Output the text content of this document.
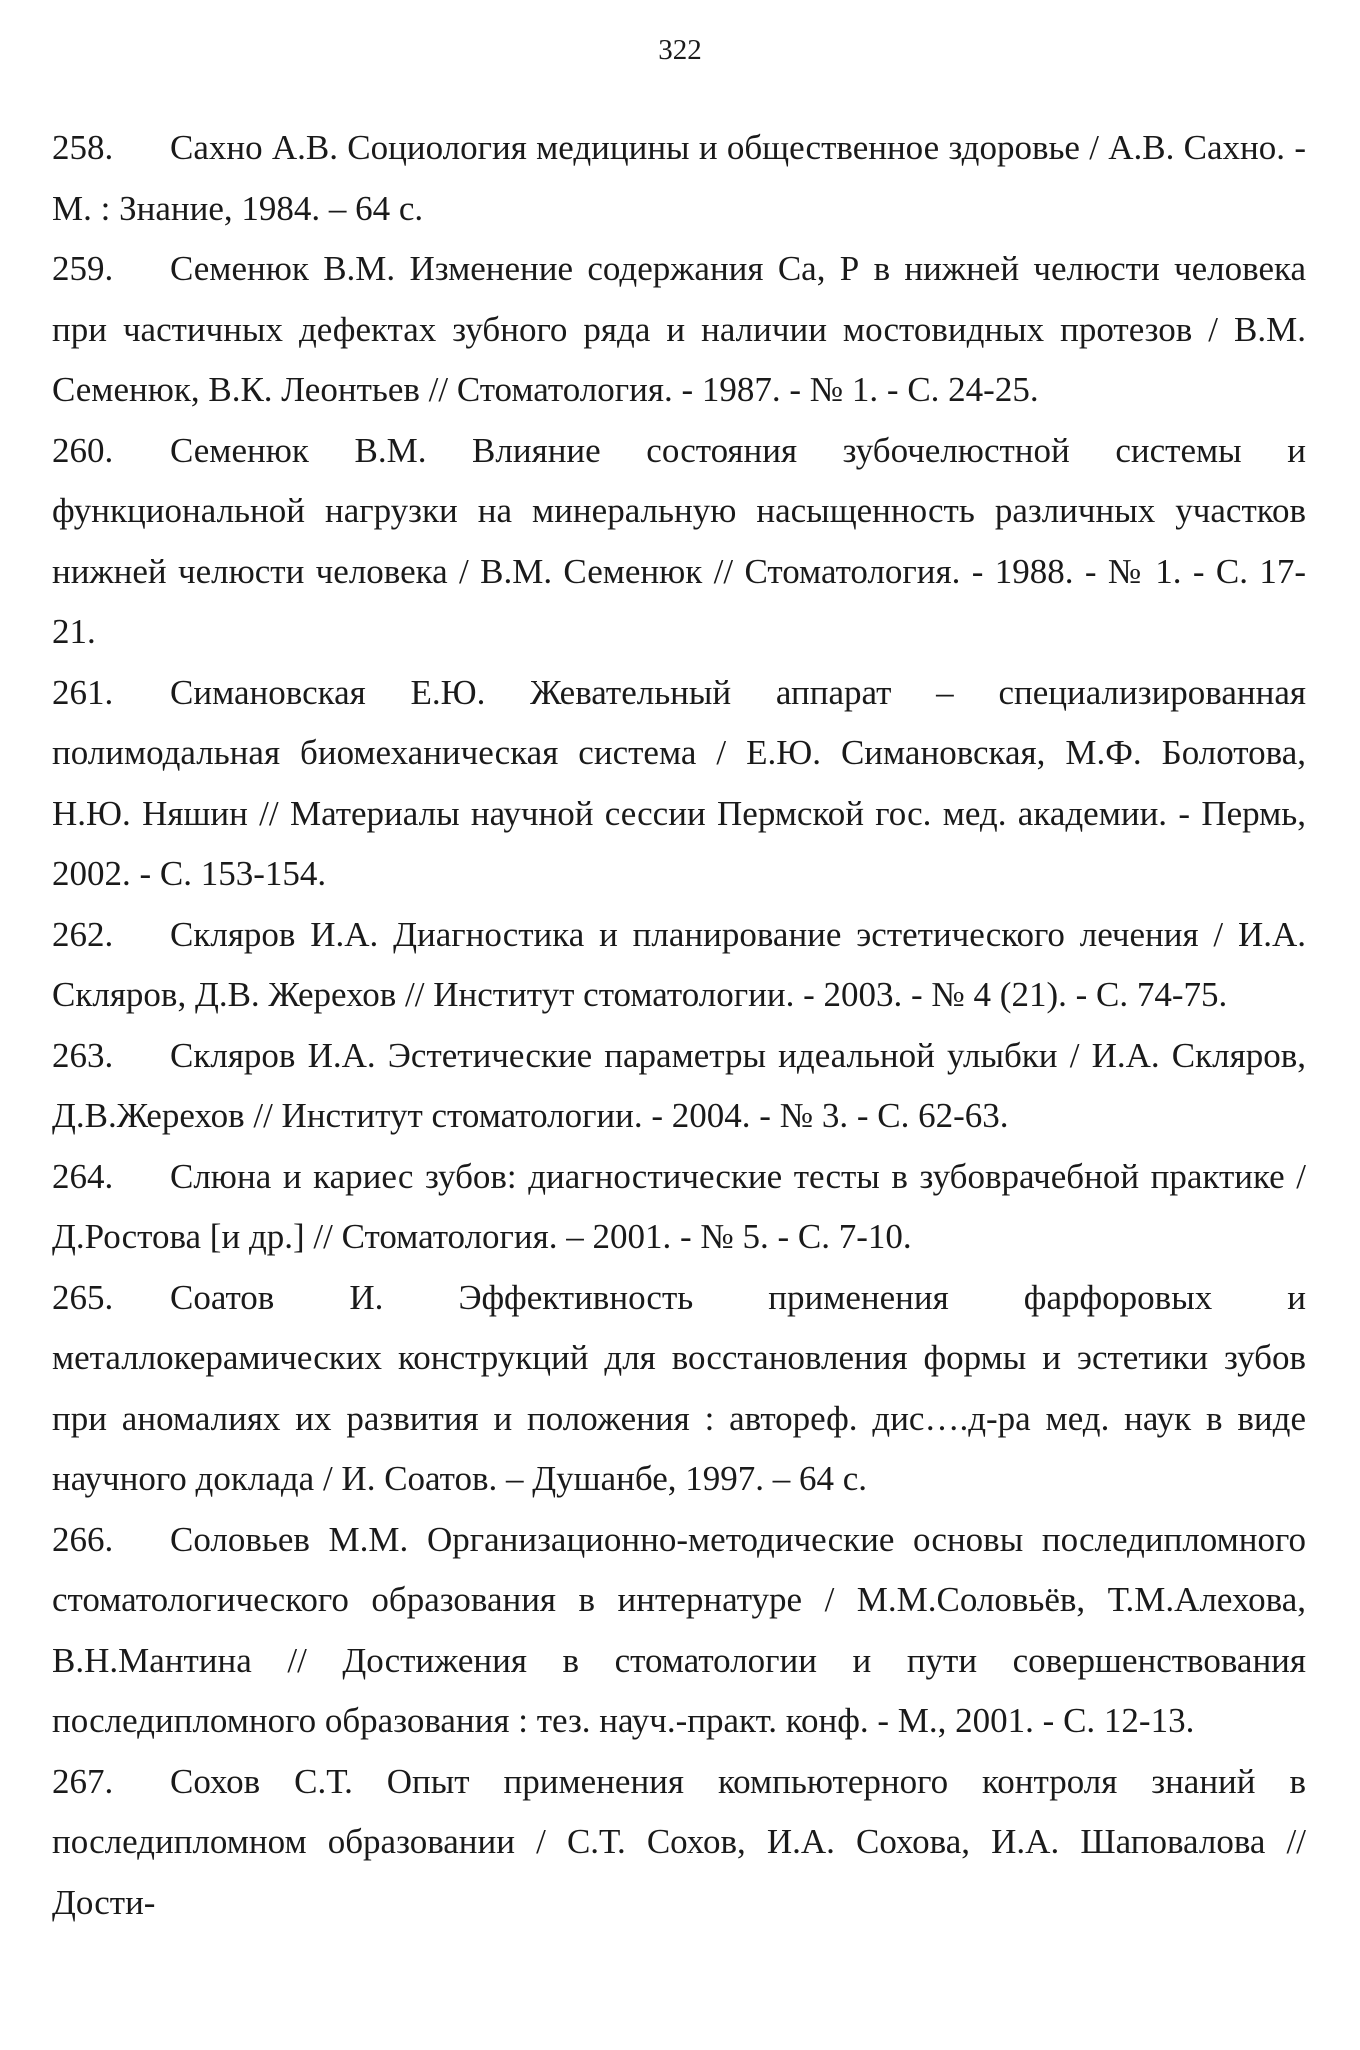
322

258. Сахно А.В. Социология медицины и общественное здоровье / А.В. Сахно. - М. : Знание, 1984. – 64 с.

259. Семенюк В.М. Изменение содержания Са, Р в нижней челюсти человека при частичных дефектах зубного ряда и наличии мостовидных протезов / В.М. Семенюк, В.К. Леонтьев // Стоматология. - 1987. - № 1. - С. 24-25.

260. Семенюк В.М. Влияние состояния зубочелюстной системы и функциональной нагрузки на минеральную насыщенность различных участков нижней челюсти человека / В.М. Семенюк // Стоматология. - 1988. - № 1. - С. 17-21.

261. Симановская Е.Ю. Жевательный аппарат – специализированная полимодальная биомеханическая система / Е.Ю. Симановская, М.Ф. Болотова, Н.Ю. Няшин // Материалы научной сессии Пермской гос. мед. академии. - Пермь, 2002. - С. 153-154.

262. Скляров И.А. Диагностика и планирование эстетического лечения / И.А. Скляров, Д.В. Жерехов // Институт стоматологии. - 2003. - № 4 (21). - С. 74-75.

263. Скляров И.А. Эстетические параметры идеальной улыбки / И.А. Скляров, Д.В.Жерехов // Институт стоматологии. - 2004. - № 3. - С. 62-63.

264. Слюна и кариес зубов: диагностические тесты в зубоврачебной практике / Д.Ростова [и др.] // Стоматология. – 2001. - № 5. - С. 7-10.

265. Соатов И. Эффективность применения фарфоровых и металлокерамических конструкций для восстановления формы и эстетики зубов при аномалиях их развития и положения : автореф. дис….д-ра мед. наук в виде научного доклада / И. Соатов. – Душанбе, 1997. – 64 с.

266. Соловьев М.М. Организационно-методические основы последипломного стоматологического образования в интернатуре / М.М.Соловьёв, Т.М.Алехова, В.Н.Мантина // Достижения в стоматологии и пути совершенствования последипломного образования : тез. науч.-практ. конф. - М., 2001. - С. 12-13.

267. Сохов С.Т. Опыт применения компьютерного контроля знаний в последипломном образовании / С.Т. Сохов, И.А. Сохова, И.А. Шаповалова // Дости-
